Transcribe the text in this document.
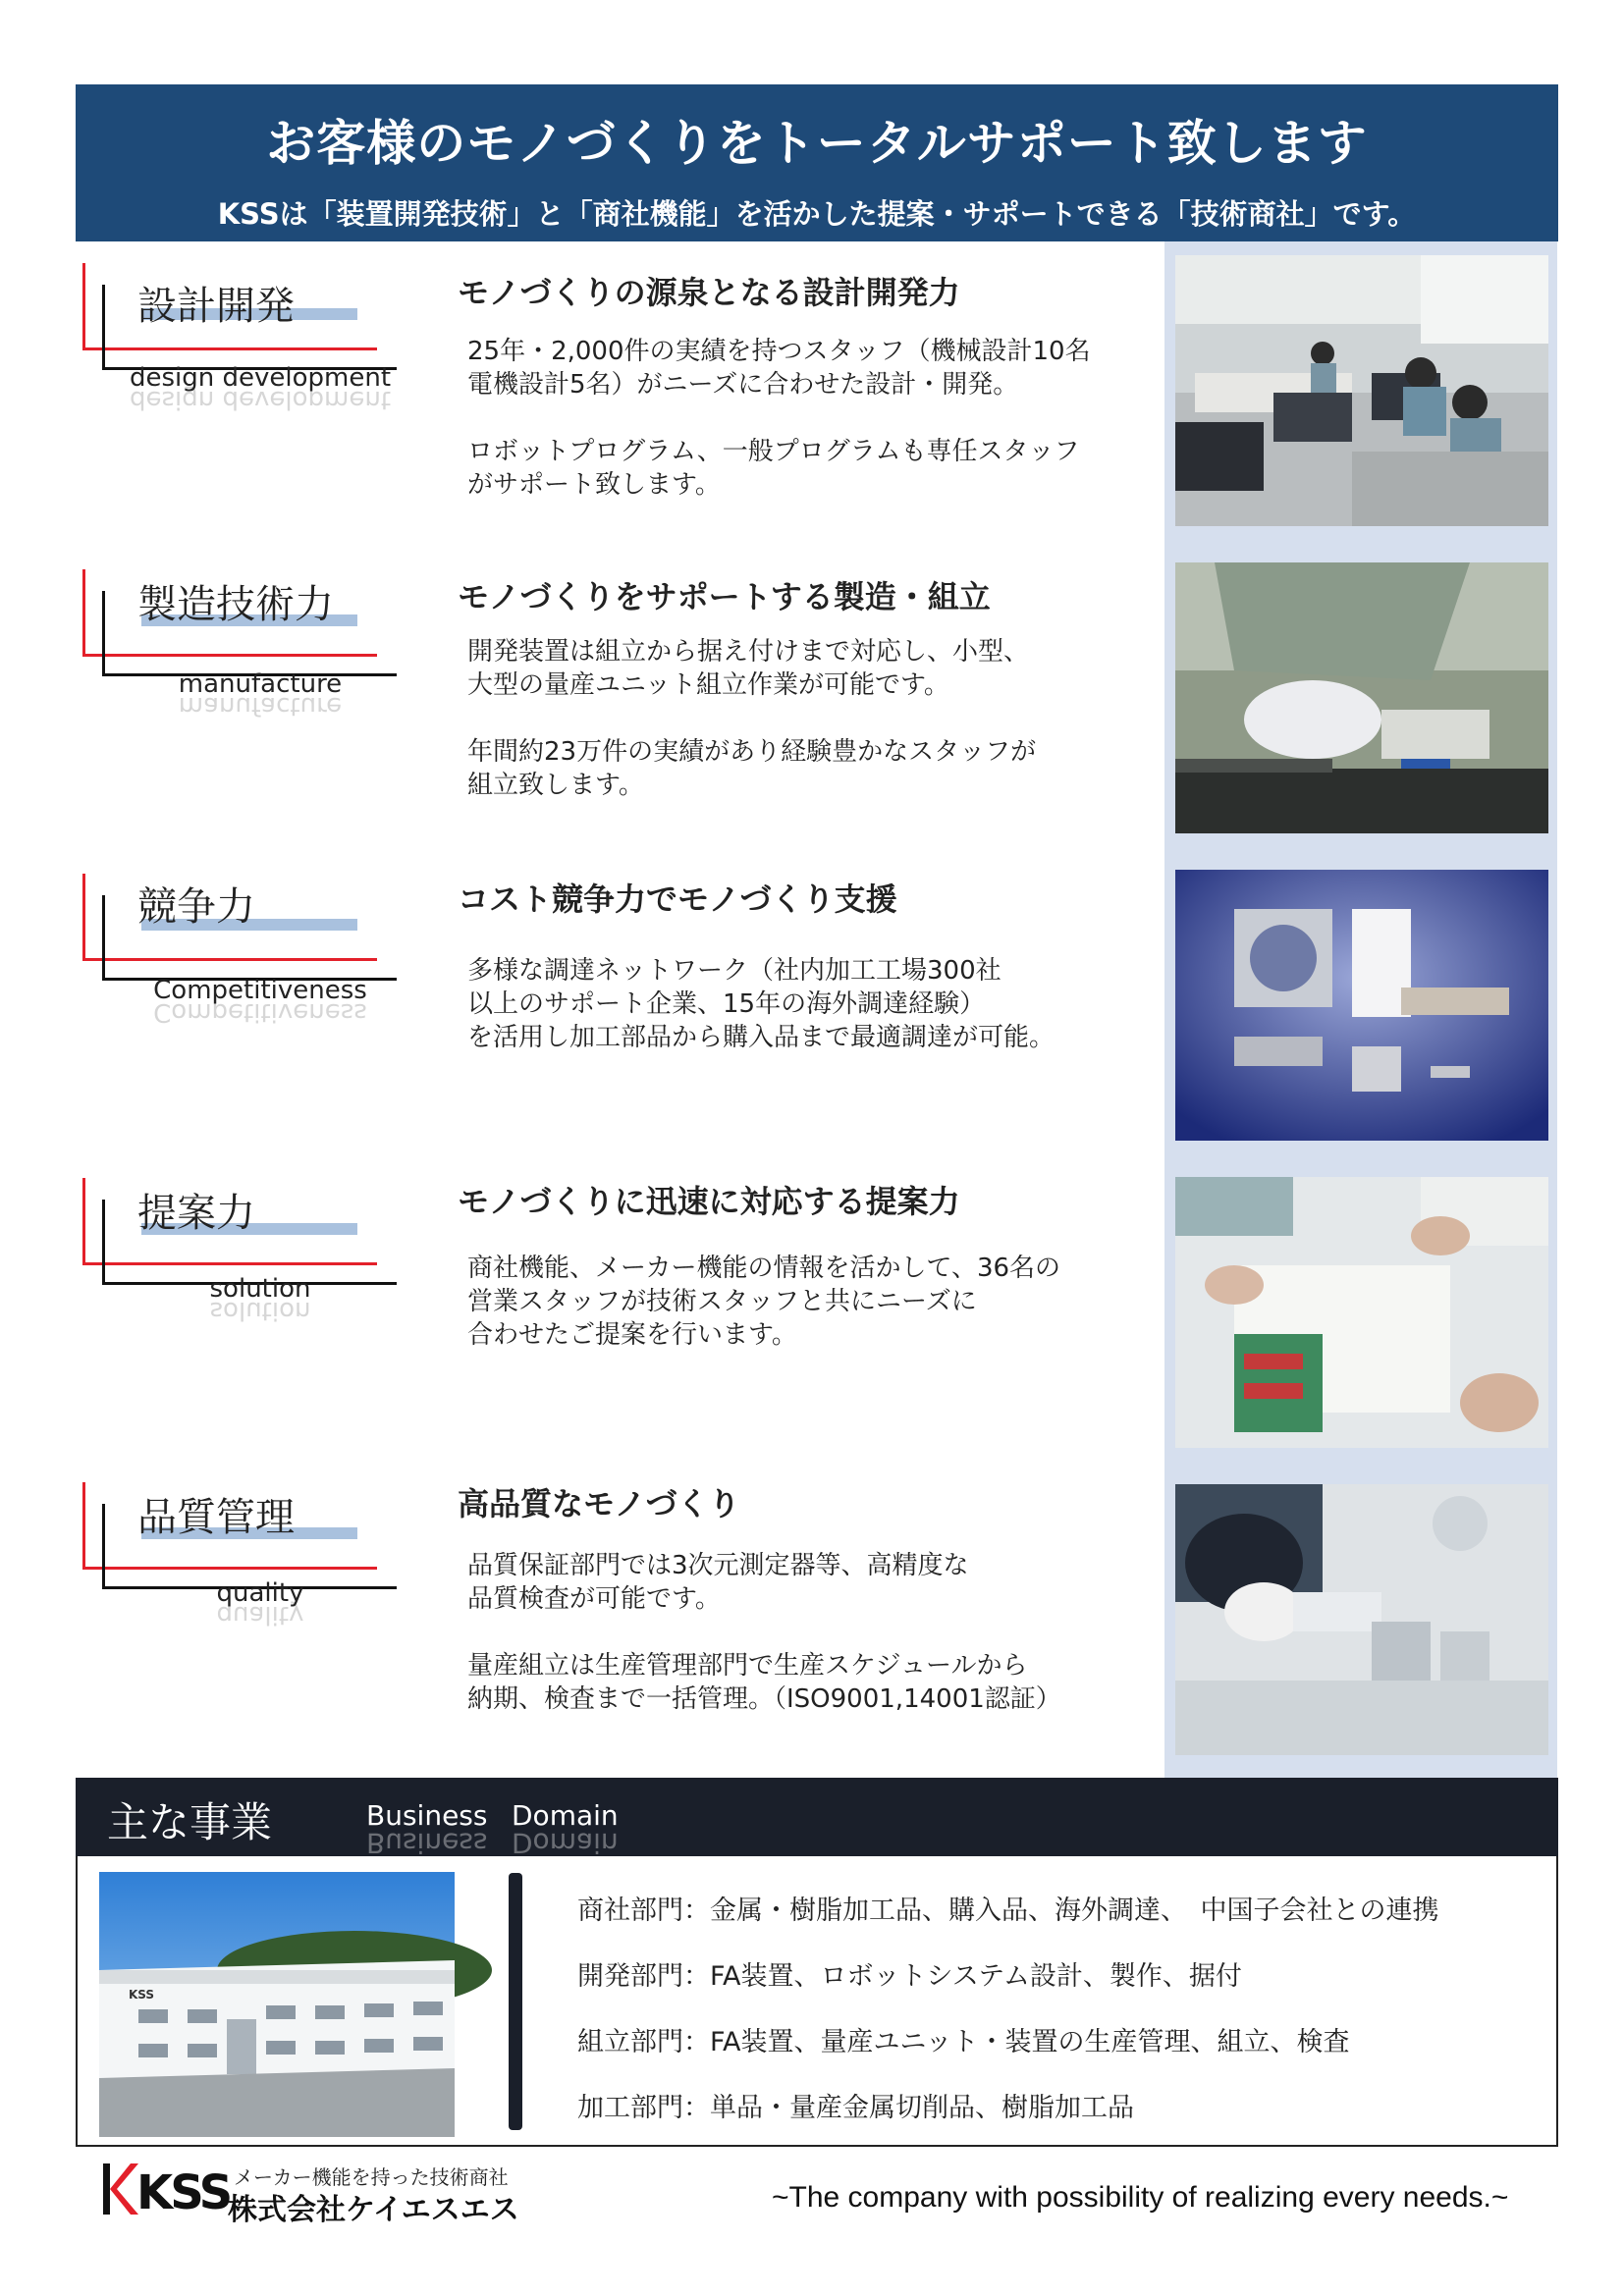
お客様のモノづくりをトータルサポート致します
KSSは「装置開発技術」と「商社機能」を活かした提案・サポートできる「技術商社」です。
設計開発
design development
design development
モノづくりの源泉となる設計開発力
25年・2,000件の実績を持つスタッフ（機械設計10名
電機設計5名）がニーズに合わせた設計・開発。

ロボットプログラム、一般プログラムも専任スタッフ
がサポート致します。
製造技術力
manufacture
manufacture
モノづくりをサポートする製造・組立
開発装置は組立から据え付けまで対応し、小型、
大型の量産ユニット組立作業が可能です。

年間約23万件の実績があり経験豊かなスタッフが
組立致します。
競争力
Competitiveness
Competitiveness
コスト競争力でモノづくり支援
多様な調達ネットワーク（社内加工工場300社
以上のサポート企業、15年の海外調達経験）
を活用し加工部品から購入品まで最適調達が可能。
提案力
solution
solution
モノづくりに迅速に対応する提案力
商社機能、メーカー機能の情報を活かして、36名の
営業スタッフが技術スタッフと共にニーズに
合わせたご提案を行います。
品質管理
quality
quality
高品質なモノづくり
品質保証部門では3次元測定器等、高精度な
品質検査が可能です。

量産組立は生産管理部門で生産スケジュールから
納期、検査まで一括管理。（ISO9001,14001認証）
主な事業	Business Domain
Business Domain
KSS
商社部門：金属・樹脂加工品、購入品、海外調達、　中国子会社との連携
開発部門：FA装置、ロボットシステム設計、製作、据付
組立部門：FA装置、量産ユニット・装置の生産管理、組立、検査
加工部門：単品・量産金属切削品、樹脂加工品
KSS メーカー機能を持った技術商社
株式会社ケイエスエス	~The company with possibility of realizing every needs.~
